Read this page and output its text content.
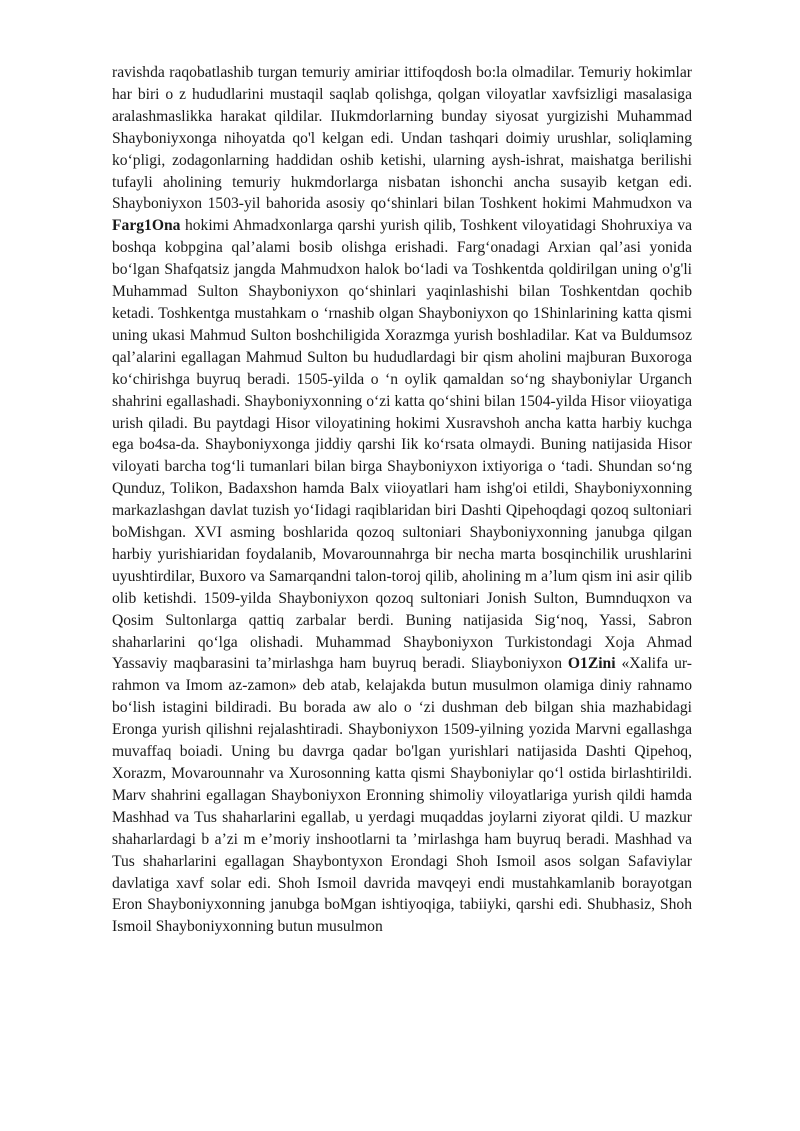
ravishda raqobatlashib turgan temuriy amiriar ittifoqdosh bo:la olmadilar. Temuriy hokimlar har biri o z hududlarini mustaqil saqlab qolishga, qolgan viloyatlar xavfsizligi masalasiga aralashmaslikka harakat qildilar. IIukmdorlarning bunday siyosat yurgizishi Muhammad Shayboniyxonga nihoyatda qo'l kelgan edi. Undan tashqari doimiy urushlar, soliqlaming ko‘pligi, zodagonlarning haddidan oshib ketishi, ularning aysh-ishrat, maishatga berilishi tufayli aholining temuriy hukmdorlarga nisbatan ishonchi ancha susayib ketgan edi. Shayboniyxon 1503-yil bahorida asosiy qo‘shinlari bilan Toshkent hokimi Mahmudxon va Farg1Ona hokimi Ahmadxonlarga qarshi yurish qilib, Toshkent viloyatidagi Shohruxiya va boshqa kobpgina qal’alami bosib olishga erishadi. Farg‘onadagi Arxian qal’asi yonida bo‘lgan Shafqatsiz jangda Mahmudxon halok bo‘ladi va Toshkentda qoldirilgan uning o'g'li Muhammad Sulton Shayboniyxon qo‘shinlari yaqinlashishi bilan Toshkentdan qochib ketadi. Toshkentga mustahkam o ‘rnashib olgan Shayboniyxon qo 1Shinlarining katta qismi uning ukasi Mahmud Sulton boshchiligida Xorazmga yurish boshladilar. Kat va Buldumsoz qal’alarini egallagan Mahmud Sulton bu hududlardagi bir qism aholini majburan Buxoroga ko‘chirishga buyruq beradi. 1505-yilda o ‘n oylik qamaldan so‘ng shayboniylar Urganch shahrini egallashadi. Shayboniyxonning o‘zi katta qo‘shini bilan 1504-yilda Hisor viioyatiga urish qiladi. Bu paytdagi Hisor viloyatining hokimi Xusravshoh ancha katta harbiy kuchga ega bo4sa-da. Shayboniyxonga jiddiy qarshi Iik ko‘rsata olmaydi. Buning natijasida Hisor viloyati barcha tog‘li tumanlari bilan birga Shayboniyxon ixtiyoriga o ‘tadi. Shundan so‘ng Qunduz, Tolikon, Badaxshon hamda Balx viioyatlari ham ishg'oi etildi, Shayboniyxonning markazlashgan davlat tuzish yo‘Iidagi raqiblaridan biri Dashti Qipehoqdagi qozoq sultoniari boMishgan. XVI asming boshlarida qozoq sultoniari Shayboniyxonning janubga qilgan harbiy yurishiaridan foydalanib, Movarounnahrga bir necha marta bosqinchilik urushlarini uyushtirdilar, Buxoro va Samarqandni talon-toroj qilib, aholining m a’lum qism ini asir qilib olib ketishdi. 1509-yilda Shayboniyxon qozoq sultoniari Jonish Sulton, Bumnduqxon va Qosim Sultonlarga qattiq zarbalar berdi. Buning natijasida Sig‘noq, Yassi, Sabron shaharlarini qo‘lga olishadi. Muhammad Shayboniyxon Turkistondagi Xoja Ahmad Yassaviy maqbarasini ta’mirlashga ham buyruq beradi. Sliayboniyxon O1Zini «Xalifa ur-rahmon va Imom az-zamon» deb atab, kelajakda butun musulmon olamiga diniy rahnamo bo‘lish istagini bildiradi. Bu borada aw alo o ‘zi dushman deb bilgan shia mazhabidagi Eronga yurish qilishni rejalashtiradi. Shayboniyxon 1509-yilning yozida Marvni egallashga muvaffaq boiadi. Uning bu davrga qadar bo'lgan yurishlari natijasida Dashti Qipehoq, Xorazm, Movarounnahr va Xurosonning katta qismi Shayboniylar qo‘l ostida birlashtirildi. Marv shahrini egallagan Shayboniyxon Eronning shimoliy viloyatlariga yurish qildi hamda Mashhad va Tus shaharlarini egallab, u yerdagi muqaddas joylarni ziyorat qildi. U mazkur shaharlardagi b a’zi m e’moriy inshootlarni ta ’mirlashga ham buyruq beradi. Mashhad va Tus shaharlarini egallagan Shaybontyxon Erondagi Shoh Ismoil asos solgan Safaviylar davlatiga xavf solar edi. Shoh Ismoil davrida mavqeyi endi mustahkamlanib borayotgan Eron Shayboniyxonning janubga boMgan ishtiyoqiga, tabiiyki, qarshi edi. Shubhasiz, Shoh Ismoil Shayboniyxonning butun musulmon
